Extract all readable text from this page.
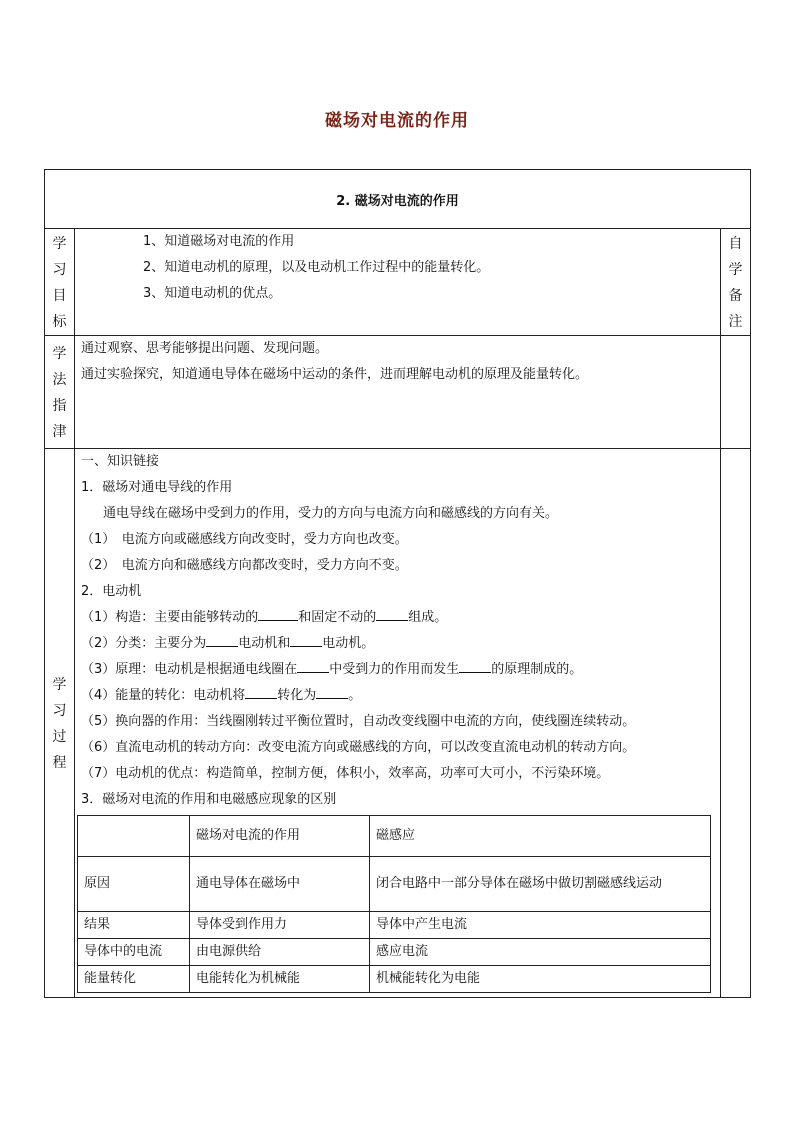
磁场对电流的作用
2. 磁场对电流的作用

学
习
目
标

1、知道磁场对电流的作用
2、知道电动机的原理，以及电动机工作过程中的能量转化。
3、知道电动机的优点。

自
学
备
注

学
法
指
津

通过观察、思考能够提出问题、发现问题。
通过实验探究，知道通电导体在磁场中运动的条件，进而理解电动机的原理及能量转化。

学
习
过
程

一、知识链接
1．磁场对通电导线的作用
通电导线在磁场中受到力的作用，受力的方向与电流方向和磁感线的方向有关。
（1）　电流方向或磁感线方向改变时，受力方向也改变。
（2）　电流方向和磁感线方向都改变时，受力方向不变。
2．电动机
（1）构造：主要由能够转动的	和固定不动的 组成。
（2）分类：主要分为 电动机和 电动机。
（3）原理：电动机是根据通电线圈在 中受到力的作用而发生 的原理制成的。
（4）能量的转化：电动机将 转化为 。
（5）换向器的作用：当线圈刚转过平衡位置时，自动改变线圈中电流的方向，使线圈连续转动。
（6）直流电动机的转动方向：改变电流方向或磁感线的方向，可以改变直流电动机的转动方向。
（7）电动机的优点：构造简单，控制方便，体积小，效率高，功率可大可小，不污染环境。
3．磁场对电流的作用和电磁感应现象的区别
	磁场对电流的作用	磁感应
原因	通电导体在磁场中	闭合电路中一部分导体在磁场中做切割磁感线运动
结果	导体受到作用力	导体中产生电流
导体中的电流	由电源供给	感应电流
能量转化	电能转化为机械能	机械能转化为电能
